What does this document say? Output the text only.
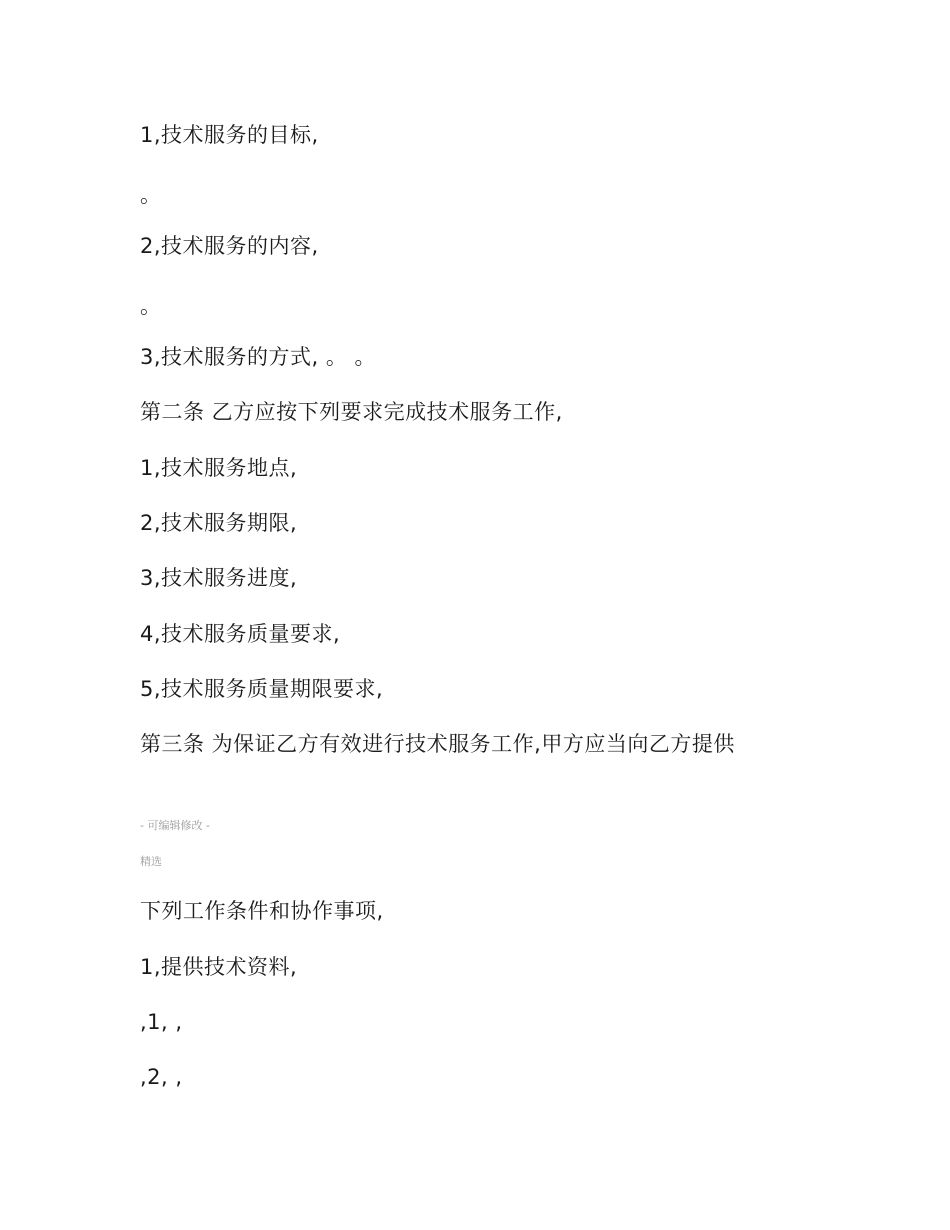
1,技术服务的目标,
。
2,技术服务的内容,
。
3,技术服务的方式, 。 。
第二条 乙方应按下列要求完成技术服务工作,
1,技术服务地点,
2,技术服务期限,
3,技术服务进度,
4,技术服务质量要求,
5,技术服务质量期限要求,
第三条 为保证乙方有效进行技术服务工作,甲方应当向乙方提供
- 可编辑修改 -
精选
下列工作条件和协作事项,
1,提供技术资料,
,1, ,
,2, ,
